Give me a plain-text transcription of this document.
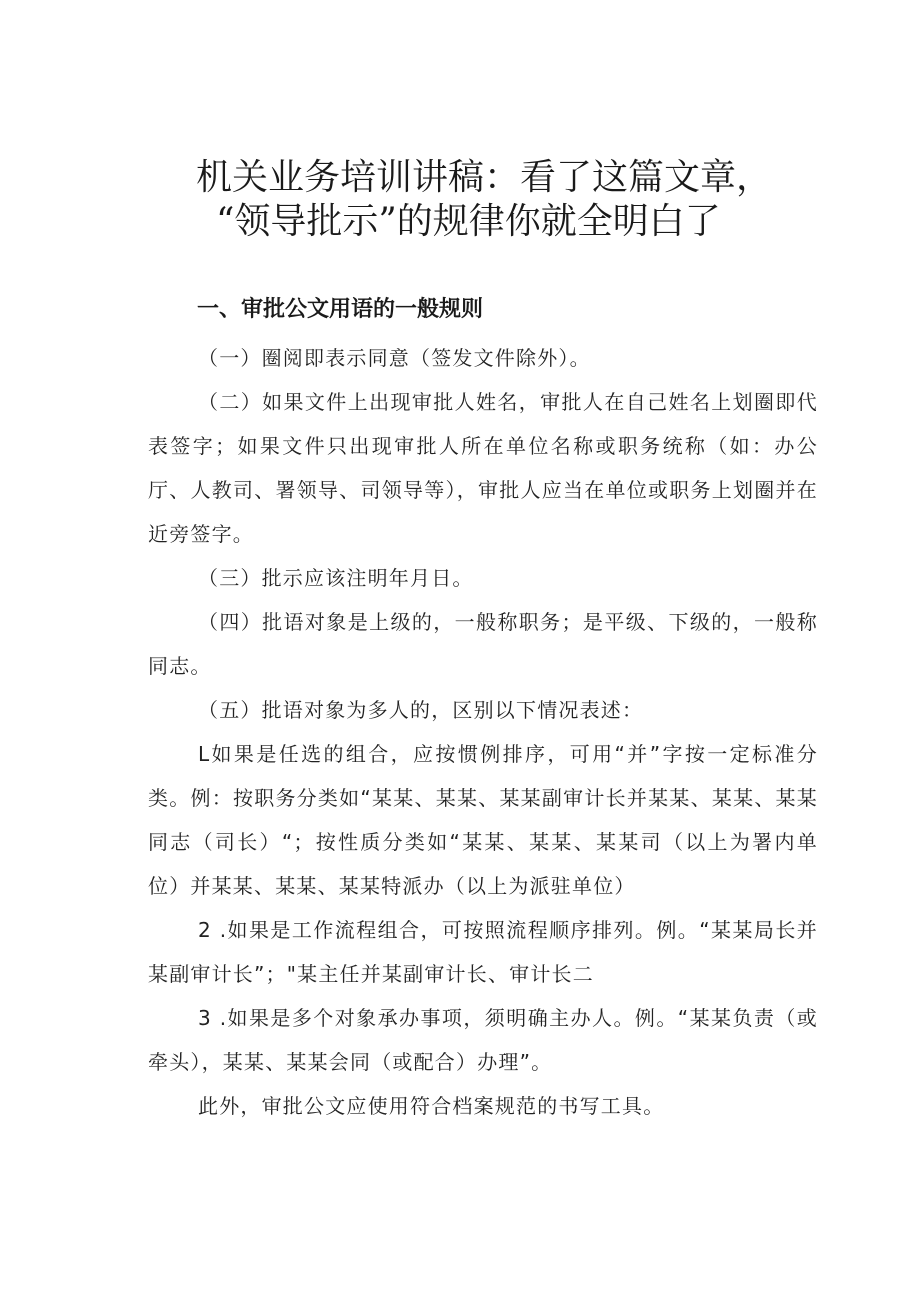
机关业务培训讲稿：看了这篇文章，
“领导批示”的规律你就全明白了
一、审批公文用语的一般规则

（一）圈阅即表示同意（签发文件除外）。

（二）如果文件上出现审批人姓名，审批人在自己姓名上划圈即代表签字；如果文件只出现审批人所在单位名称或职务统称（如：办公厅、人教司、署领导、司领导等），审批人应当在单位或职务上划圈并在近旁签字。

（三）批示应该注明年月日。

（四）批语对象是上级的，一般称职务；是平级、下级的，一般称同志。

（五）批语对象为多人的，区别以下情况表述：

L如果是任选的组合，应按惯例排序，可用“并”字按一定标准分类。例：按职务分类如“某某、某某、某某副审计长并某某、某某、某某同志（司长）“；按性质分类如“某某、某某、某某司（以上为署内单位）并某某、某某、某某特派办（以上为派驻单位）

2 .如果是工作流程组合，可按照流程顺序排列。例。“某某局长并某副审计长”；"某主任并某副审计长、审计长二

3 .如果是多个对象承办事项，须明确主办人。例。“某某负责（或牵头），某某、某某会同（或配合）办理”。

此外，审批公文应使用符合档案规范的书写工具。
